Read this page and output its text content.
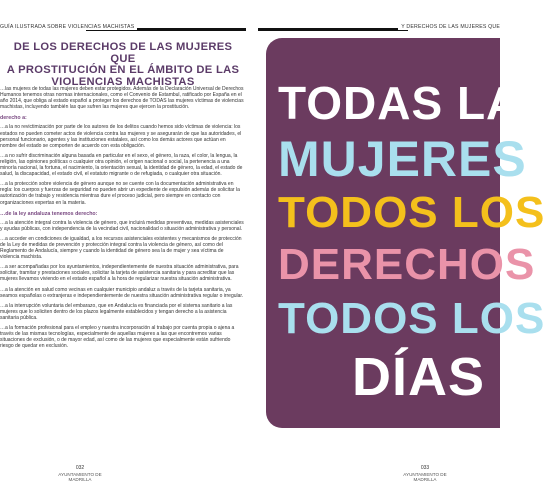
GUÍA ILUSTRADA SOBRE VIOLENCIAS MACHISTAS	Y DERECHOS DE LAS MUJERES QUE
DE LOS DERECHOS DE LAS MUJERES QUE
A PROSTITUCIÓN EN EL ÁMBITO DE LAS
VIOLENCIAS MACHISTAS

…las mujeres de todas las mujeres deben estar protegidos. Además de la Declaración Universal de Derechos Humanos tenemos otras normas internacionales, como el Convenio de Estambul, ratificado por España en el año 2014, que obliga al estado español a proteger los derechos de TODAS las mujeres víctimas de violencias machistas, incluyendo también las que sufren las mujeres que ejercen la prostitución.

derecho a:

…a la no revictimización por parte de los autores de los delitos cuando hemos sido víctimas de violencia: los estados no pueden cometer actos de violencia contra las mujeres y se asegurarán de que las autoridades, el personal funcionario, agentes y las instituciones estatales, así como los demás actores que actúan en nombre del estado se comporten de acuerdo con esta obligación.

…a no sufrir discriminación alguna basada en particular en el sexo, el género, la raza, el color, la lengua, la religión, las opiniones políticas o cualquier otra opinión, el origen nacional o social, la pertenencia a una minoría nacional, la fortuna, el nacimiento, la orientación sexual, la identidad de género, la edad, el estado de salud, la discapacidad, el estado civil, el estatuto migrante o de refugiada, o cualquier otra situación.

…a la protección sobre violencia de género aunque no se cuente con la documentación administrativa en regla: los cuerpos y fuerzas de seguridad no pueden abrir un expediente de expulsión además de solicitar la autorización de trabajo y residencia mientras dure el proceso judicial, pero siempre en contacto con organizaciones expertas en la materia.

…de la ley andaluza tenemos derecho:

…a la atención integral contra la violencia de género, que incluirá medidas preventivas, medidas asistenciales y ayudas públicas, con independencia de la vecindad civil, nacionalidad o situación administrativa y personal.

…a acceder en condiciones de igualdad, a los recursos asistenciales existentes y mecanismos de protección de la Ley de medidas de prevención y protección integral contra la violencia de género, así como del Reglamento de Andalucía, siempre y cuando la identidad de género sea la de mujer y sea víctima de violencia machista.

…a ser acompañadas por los ayuntamientos, independientemente de nuestra situación administrativa, para solicitar, tramitar y prestaciones sociales, solicitar la tarjeta de asistencia sanitaria y para acreditar que las mujeres llevamos viviendo en el estado español a la hora de regularizar nuestra situación administrativa.

…a la atención en salud como vecinas en cualquier municipio andaluz a través de la tarjeta sanitaria, ya seamos españolas o extranjeras e independientemente de nuestra situación administrativa regular o irregular.

…a la interrupción voluntaria del embarazo, que en Andalucía es financiada por el sistema sanitario a las mujeres que lo soliciten dentro de los plazos legalmente establecidos y tengan derecho a la asistencia sanitaria pública.

…a la formación profesional para el empleo y nuestra incorporación al trabajo por cuenta propia o ajena a través de las mismas tecnologías, especialmente de aquellas mujeres a las que encontremos varias situaciones de exclusión, o de mayor edad, así como de las mujeres que especialmente están sufriendo riesgo de quedar en exclusión.

032
AYUNTAMIENTO DE MADRILLA
TODAS LAS
MUJERES
TODOS LOS
DERECHOS
TODOS LOS
DÍAS
033
AYUNTAMIENTO DE MADRILLA
